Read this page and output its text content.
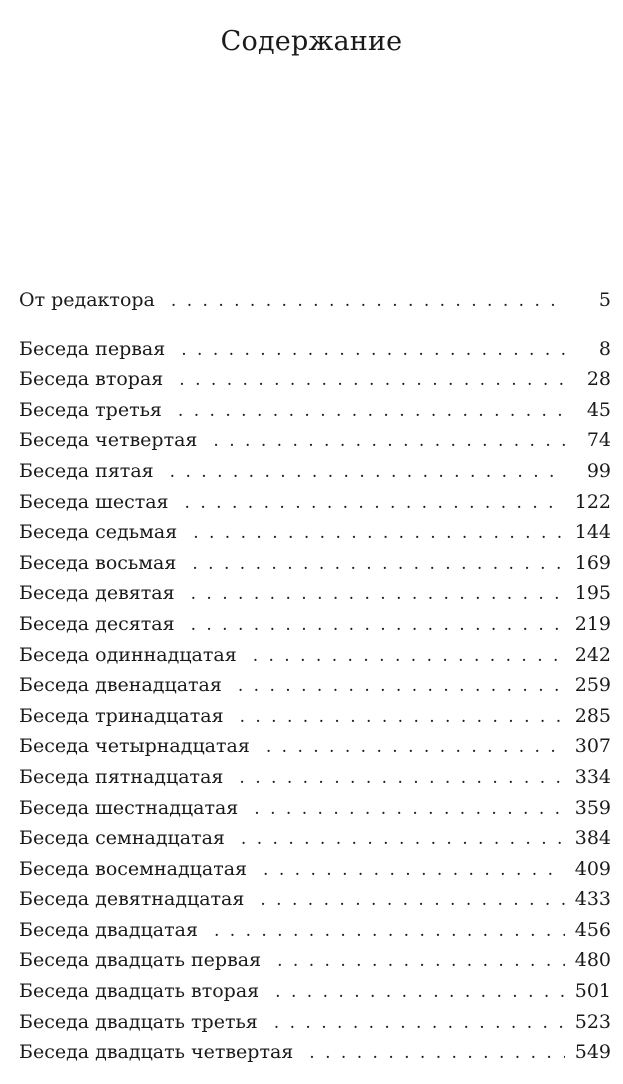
Содержание
От редактора . . .	5
Беседа первая . . .	8
Беседа вторая . . .	28
Беседа третья . . .	45
Беседа четвертая . . .	74
Беседа пятая . . .	99
Беседа шестая . . .	122
Беседа седьмая . . .	144
Беседа восьмая . . .	169
Беседа девятая . . .	195
Беседа десятая . . .	219
Беседа одиннадцатая . . .	242
Беседа двенадцатая . . .	259
Беседа тринадцатая . . .	285
Беседа четырнадцатая . . .	307
Беседа пятнадцатая . . .	334
Беседа шестнадцатая . . .	359
Беседа семнадцатая . . .	384
Беседа восемнадцатая . . .	409
Беседа девятнадцатая . . .	433
Беседа двадцатая . . .	456
Беседа двадцать первая . . .	480
Беседа двадцать вторая . . .	501
Беседа двадцать третья . . .	523
Беседа двадцать четвертая . . .	549
